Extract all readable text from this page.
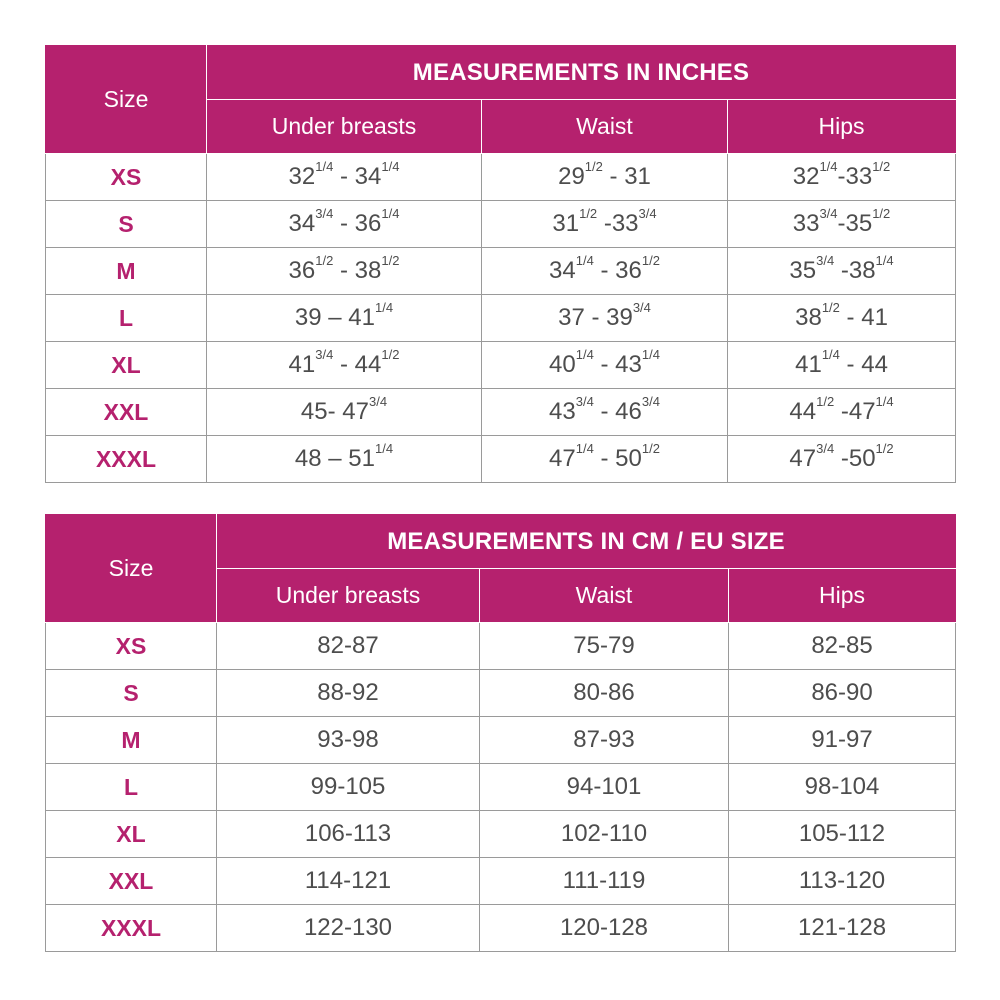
Size	MEASUREMENTS IN INCHES		
	Under breasts	Waist	Hips
XS	$32^{1/4} - 34^{1/4}$	$29^{1/2} - 31$	$32^{1/4}-33^{1/2}$
S	$34^{3/4} - 36^{1/4}$	$31^{1/2}$ $-33^{3/4}$	$33^{3/4}-35^{1/2}$
M	$36^{1/2} - 38^{1/2}$	$34^{1/4} - 36^{1/2}$	$35^{3/4}$ $-38^{1/4}$
L	$39 - 41^{1/4}$	$37 - 39^{3/4}$	$38^{1/2} - 41$
XL	$41^{3/4} - 44^{1/2}$	$40^{1/4} - 43^{1/4}$	$41^{1/4} - 44$
XXL	45- $47^{3/4}$	$43^{3/4} - 46^{3/4}$	$44^{1/2}$ $-47^{1/4}$
XXXL	$48 - 51^{1/4}$	$47^{1/4} - 50^{1/2}$	$47^{3/4}$ $-50^{1/2}$
Size	MEASUREMENTS IN CM / EU SIZE		
	Under breasts	Waist	Hips
XS	82-87	75-79	82-85
S	88-92	80-86	86-90
M	93-98	87-93	91-97
L	99-105	94-101	98-104
XL	106-113	102-110	105-112
XXL	114-121	111-119	113-120
XXXL	122-130	120-128	121-128
